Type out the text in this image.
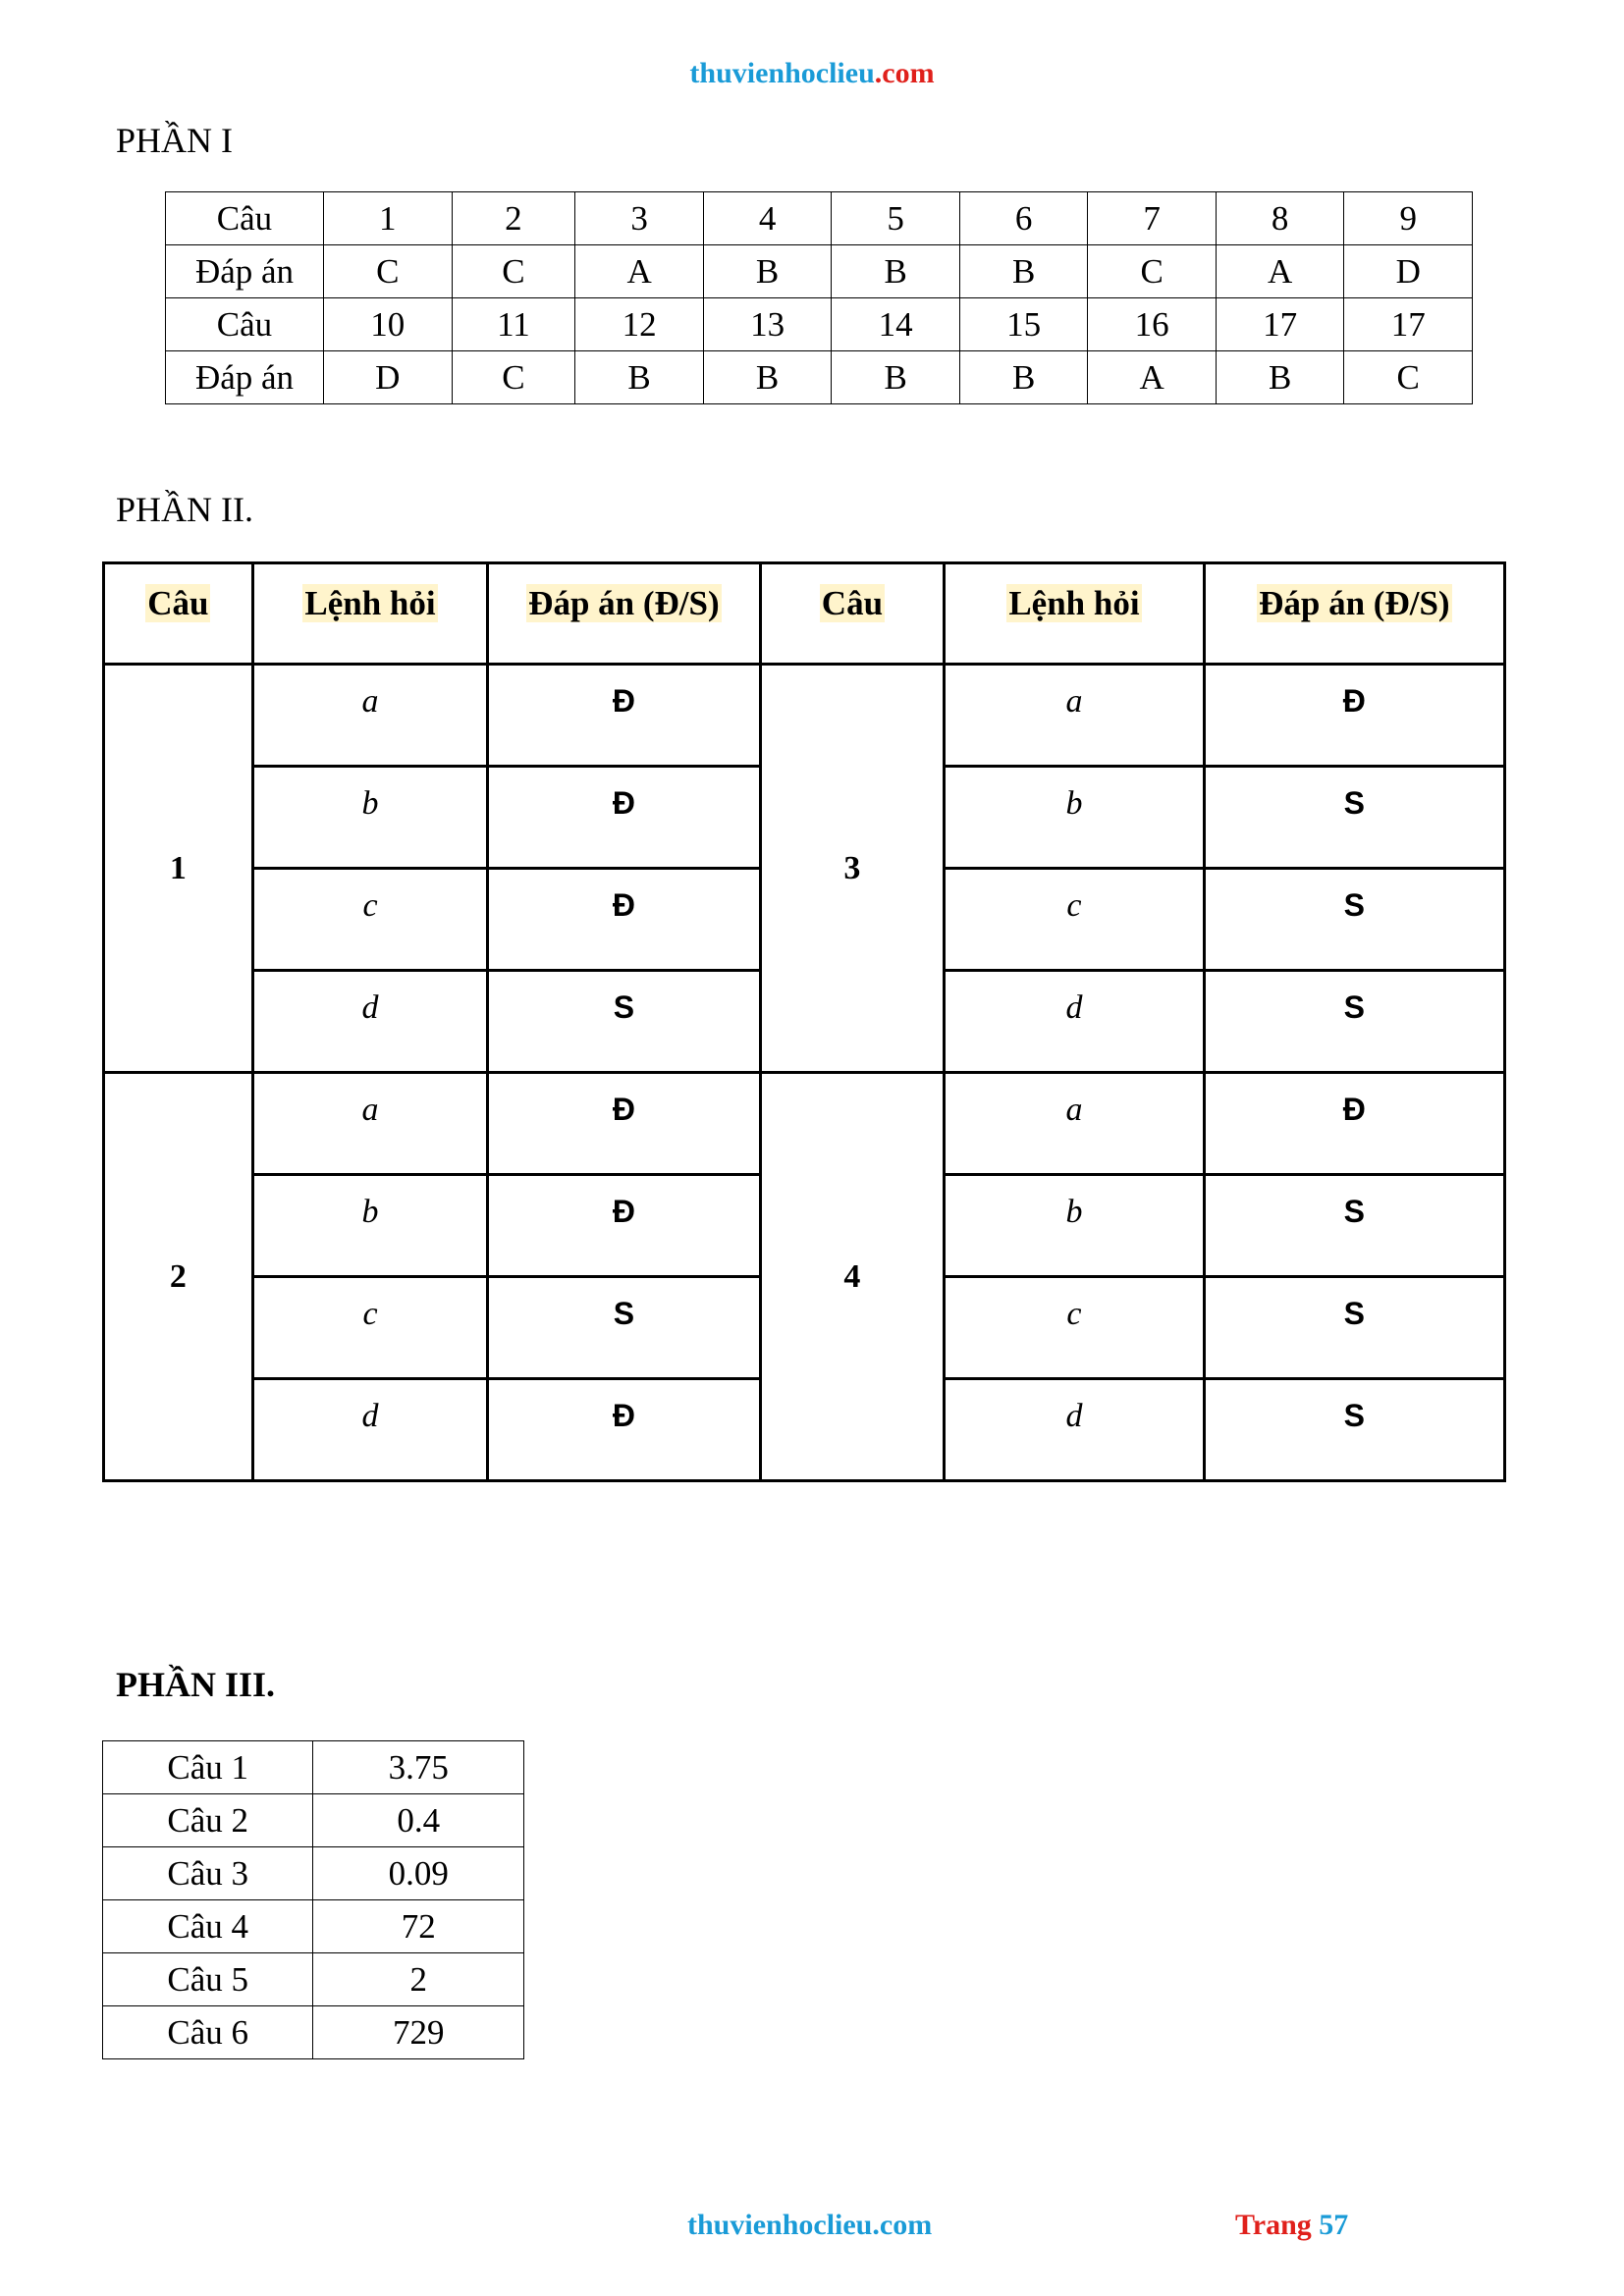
thuvienhoclieu.com
PHẦN I
Câu	1	2	3	4	5	6	7	8	9
Đáp án	C	C	A	B	B	B	C	A	D
Câu	10	11	12	13	14	15	16	17	17
Đáp án	D	C	B	B	B	B	A	B	C
PHẦN II.
Câu	Lệnh hỏi	Đáp án (Đ/S)	Câu	Lệnh hỏi	Đáp án (Đ/S)
1	a	Đ	3	a	Đ
	b	Đ		b	S
	c	Đ		c	S
	d	S		d	S
2	a	Đ	4	a	Đ
	b	Đ		b	S
	c	S		c	S
	d	Đ		d	S
PHẦN III.
Câu 1	3.75
Câu 2	0.4
Câu 3	0.09
Câu 4	72
Câu 5	2
Câu 6	729
thuvienhoclieu.com	Trang 57
